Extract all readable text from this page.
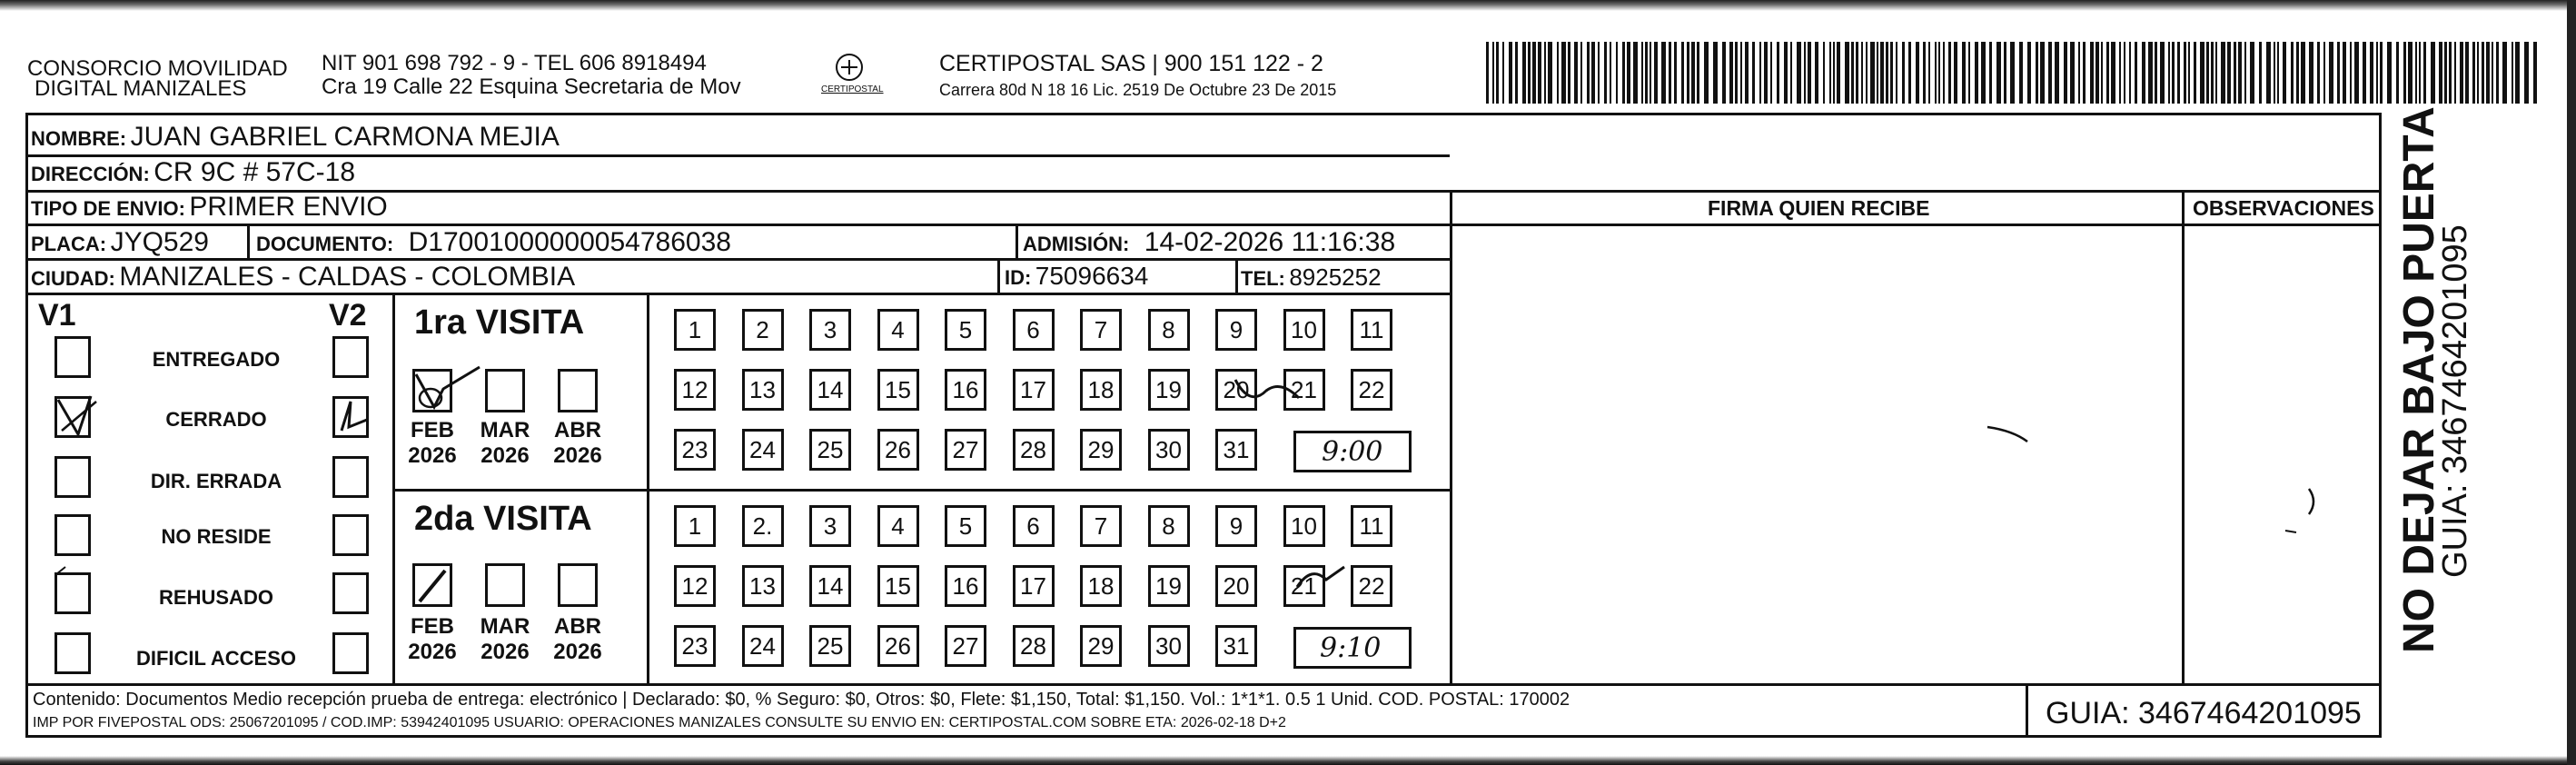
CONSORCIO MOVILIDAD
DIGITAL MANIZALES
NIT 901 698 792 - 9 - TEL 606 8918494
Cra 19 Calle 22 Esquina Secretaria de Mov	CERTIPOSTAL
CERTIPOSTAL SAS | 900 151 122 - 2
Carrera 80d N 18 16 Lic. 2519 De Octubre 23 De 2015
NOMBRE: JUAN GABRIEL CARMONA MEJIA
DIRECCIÓN: CR 9C # 57C-18
TIPO DE ENVIO: PRIMER ENVIO	FIRMA QUIEN RECIBE	OBSERVACIONES
PLACA: JYQ529 DOCUMENTO: D17001000000054786038	ADMISIÓN: 14-02-2026 11:16:38
CIUDAD: MANIZALES - CALDAS - COLOMBIA	ID: 75096634	TEL: 8925252
V1	V2
ENTREGADO
CERRADO
DIR. ERRADA
NO RESIDE
REHUSADO
DIFICIL ACCESO
1ra VISITA
FEB
2026
MAR
2026
ABR
2026
1	2	3	4	5	6	7	8	9	10	11
12	13	14	15	16	17	18	19	20	21	22
23	24	25	26	27	28	29	30	31	9:00
2da VISITA
FEB
2026
MAR
2026
ABR
2026
1	2.	3	4	5	6	7	8	9	10	11
12	13	14	15	16	17	18	19	20	21	22
23	24	25	26	27	28	29	30	31	9:10
Contenido: Documentos Medio recepción prueba de entrega: electrónico | Declarado: $0, % Seguro: $0, Otros: $0, Flete: $1,150, Total: $1,150. Vol.: 1*1*1. 0.5 1 Unid. COD. POSTAL: 170002
IMP POR FIVEPOSTAL ODS: 25067201095 / COD.IMP: 53942401095 USUARIO: OPERACIONES MANIZALES CONSULTE SU ENVIO EN: CERTIPOSTAL.COM SOBRE ETA: 2026-02-18 D+2	GUIA: 3467464201095
NO DEJAR BAJO PUERTA
GUIA: 3467464201095
